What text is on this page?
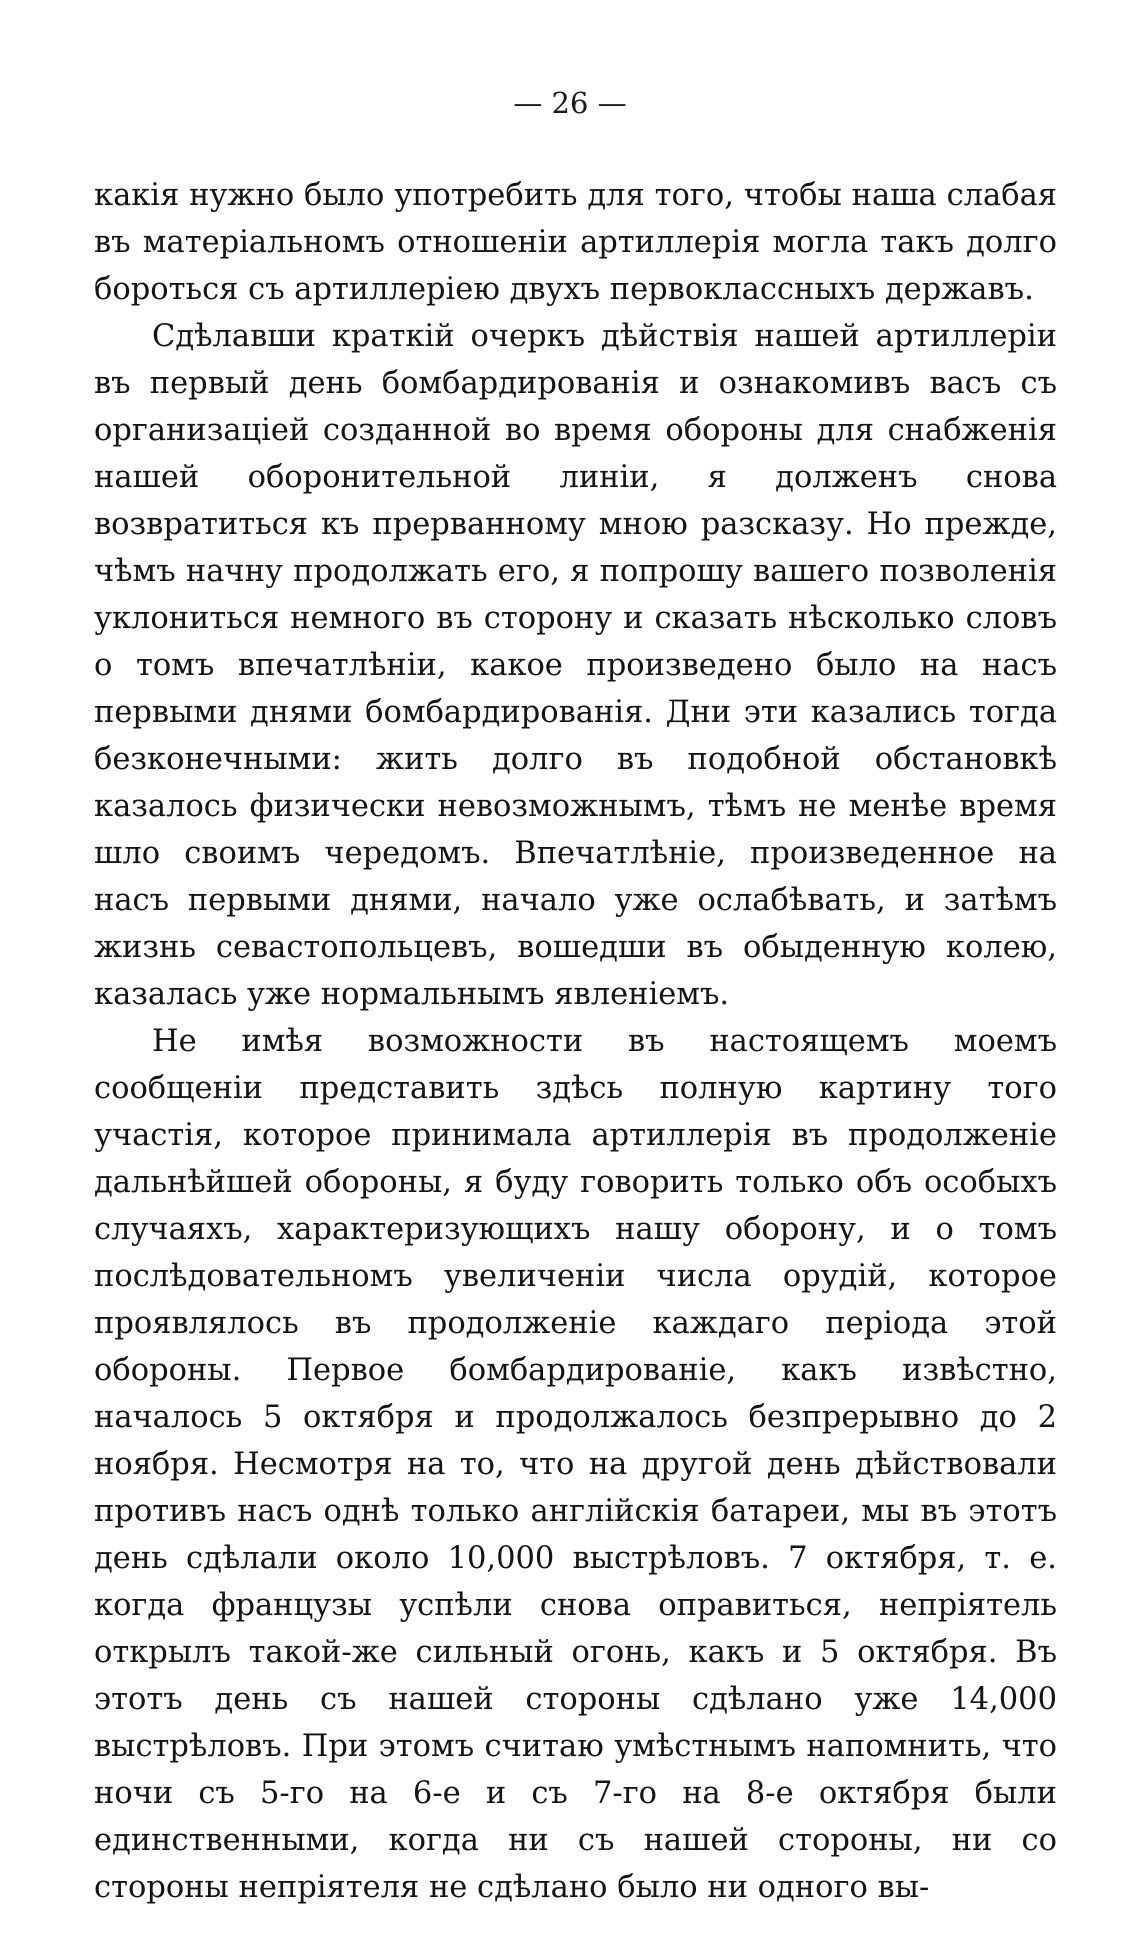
— 26 —

какія нужно было употребить для того, чтобы наша слабая въ матеріальномъ отношеніи артиллерія могла такъ долго бороться съ артиллеріею двухъ первоклассныхъ державъ.

Сдѣлавши краткій очеркъ дѣйствія нашей артиллеріи въ первый день бомбардированія и ознакомивъ васъ съ организаціей созданной во время обороны для снабженія нашей оборонительной линіи, я долженъ снова возвратиться къ прерванному мною разсказу. Но прежде, чѣмъ начну продолжать его, я попрошу вашего позволенія уклониться немного въ сторону и сказать нѣсколько словъ о томъ впечатлѣніи, какое произведено было на насъ первыми днями бомбардированія. Дни эти казались тогда безконечными: жить долго въ подобной обстановкѣ казалось физически невозможнымъ, тѣмъ не менѣе время шло своимъ чередомъ. Впечатлѣніе, произведенное на насъ первыми днями, начало уже ослабѣвать, и затѣмъ жизнь севастопольцевъ, вошедши въ обыденную колею, казалась уже нормальнымъ явленіемъ.

Не имѣя возможности въ настоящемъ моемъ сообщеніи представить здѣсь полную картину того участія, которое принимала артиллерія въ продолженіе дальнѣйшей обороны, я буду говорить только объ особыхъ случаяхъ, характеризующихъ нашу оборону, и о томъ послѣдовательномъ увеличеніи числа орудій, которое проявлялось въ продолженіе каждаго періода этой обороны. Первое бомбардированіе, какъ извѣстно, началось 5 октября и продолжалось безпрерывно до 2 ноября. Несмотря на то, что на другой день дѣйствовали противъ насъ однѣ только англійскія батареи, мы въ этотъ день сдѣлали около 10,000 выстрѣловъ. 7 октября, т. е. когда французы успѣли снова оправиться, непріятель открылъ такой-же сильный огонь, какъ и 5 октября. Въ этотъ день съ нашей стороны сдѣлано уже 14,000 выстрѣловъ. При этомъ считаю умѣстнымъ напомнить, что ночи съ 5-го на 6-е и съ 7-го на 8-е октября были единственными, когда ни съ нашей стороны, ни со стороны непріятеля не сдѣлано было ни одного вы-
